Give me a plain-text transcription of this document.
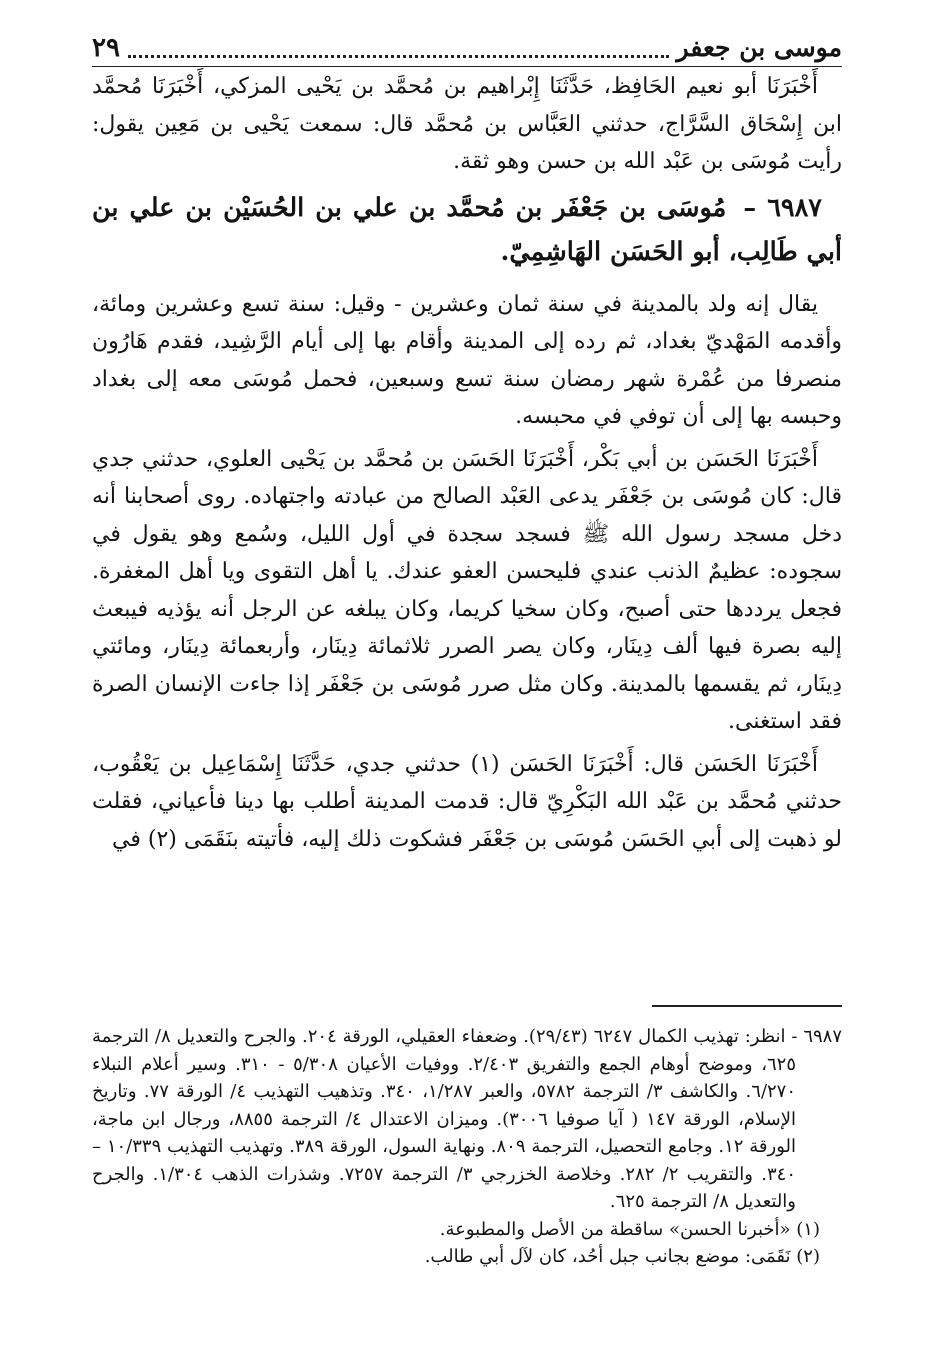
موسى بن جعفر
٢٩

أَخْبَرَنَا أبو نعيم الحَافِظ، حَدَّثَنَا إِبْراهيم بن مُحمَّد بن يَحْيى المزكي، أَخْبَرَنَا مُحمَّد ابن إِسْحَاق السَّرَّاج، حدثني العَبَّاس بن مُحمَّد قال: سمعت يَحْيى بن مَعِين يقول: رأيت مُوسَى بن عَبْد الله بن حسن وهو ثقة.

٦٩٨٧ – مُوسَى بن جَعْفَر بن مُحمَّد بن علي بن الحُسَيْن بن علي بن أبي طَالِب، أبو الحَسَن الهَاشِمِيّ.

يقال إنه ولد بالمدينة في سنة ثمان وعشرين - وقيل: سنة تسع وعشرين ومائة، وأقدمه المَهْديّ بغداد، ثم رده إلى المدينة وأقام بها إلى أيام الرَّشِيد، فقدم هَارُون منصرفا من عُمْرة شهر رمضان سنة تسع وسبعين، فحمل مُوسَى معه إلى بغداد وحبسه بها إلى أن توفي في محبسه.

أَخْبَرَنَا الحَسَن بن أبي بَكْر، أَخْبَرَنَا الحَسَن بن مُحمَّد بن يَحْيى العلوي، حدثني جدي قال: كان مُوسَى بن جَعْفَر يدعى العَبْد الصالح من عبادته واجتهاده. روى أصحابنا أنه دخل مسجد رسول الله ﷺ فسجد سجدة في أول الليل، وسُمع وهو يقول في سجوده: عظيمٌ الذنب عندي فليحسن العفو عندك. يا أهل التقوى ويا أهل المغفرة. فجعل يرددها حتى أصبح، وكان سخيا كريما، وكان يبلغه عن الرجل أنه يؤذيه فيبعث إليه بصرة فيها ألف دِينَار، وكان يصر الصرر ثلاثمائة دِينَار، وأربعمائة دِينَار، ومائتي دِينَار، ثم يقسمها بالمدينة. وكان مثل صرر مُوسَى بن جَعْفَر إذا جاءت الإنسان الصرة فقد استغنى.

أَخْبَرَنَا الحَسَن قال: أَخْبَرَنَا الحَسَن (١) حدثني جدي، حَدَّثَنَا إِسْمَاعِيل بن يَعْقُوب، حدثني مُحمَّد بن عَبْد الله البَكْرِيّ قال: قدمت المدينة أطلب بها دينا فأعياني، فقلت لو ذهبت إلى أبي الحَسَن مُوسَى بن جَعْفَر فشكوت ذلك إليه، فأتيته بنَقَمَى (٢) في

٦٩٨٧ - انظر: تهذيب الكمال ٦٢٤٧ (٢٩/٤٣). وضعفاء العقيلي، الورقة ٢٠٤. والجرح والتعديل ٨/ الترجمة ٦٢٥، وموضح أوهام الجمع والتفريق ٢/٤٠٣. ووفيات الأعيان ٥/٣٠٨ - ٣١٠. وسير أعلام النبلاء ٦/٢٧٠. والكاشف ٣/ الترجمة ٥٧٨٢، والعبر ١/٢٨٧، ٣٤٠. وتذهيب التهذيب ٤/ الورقة ٧٧. وتاريخ الإسلام، الورقة ١٤٧ ( آيا صوفيا ٣٠٠٦). وميزان الاعتدال ٤/ الترجمة ٨٨٥٥، ورجال ابن ماجة، الورقة ١٢. وجامع التحصيل، الترجمة ٨٠٩. ونهاية السول، الورقة ٣٨٩. وتهذيب التهذيب ١٠/٣٣٩ – ٣٤٠. والتقريب ٢/ ٢٨٢. وخلاصة الخزرجي ٣/ الترجمة ٧٢٥٧. وشذرات الذهب ١/٣٠٤. والجرح والتعديل ٨/ الترجمة ٦٢٥.

(١) «أخبرنا الحسن» ساقطة من الأصل والمطبوعة.

(٢) نَقَمَى: موضع بجانب جبل أحُد، كان لآل أبي طالب.
